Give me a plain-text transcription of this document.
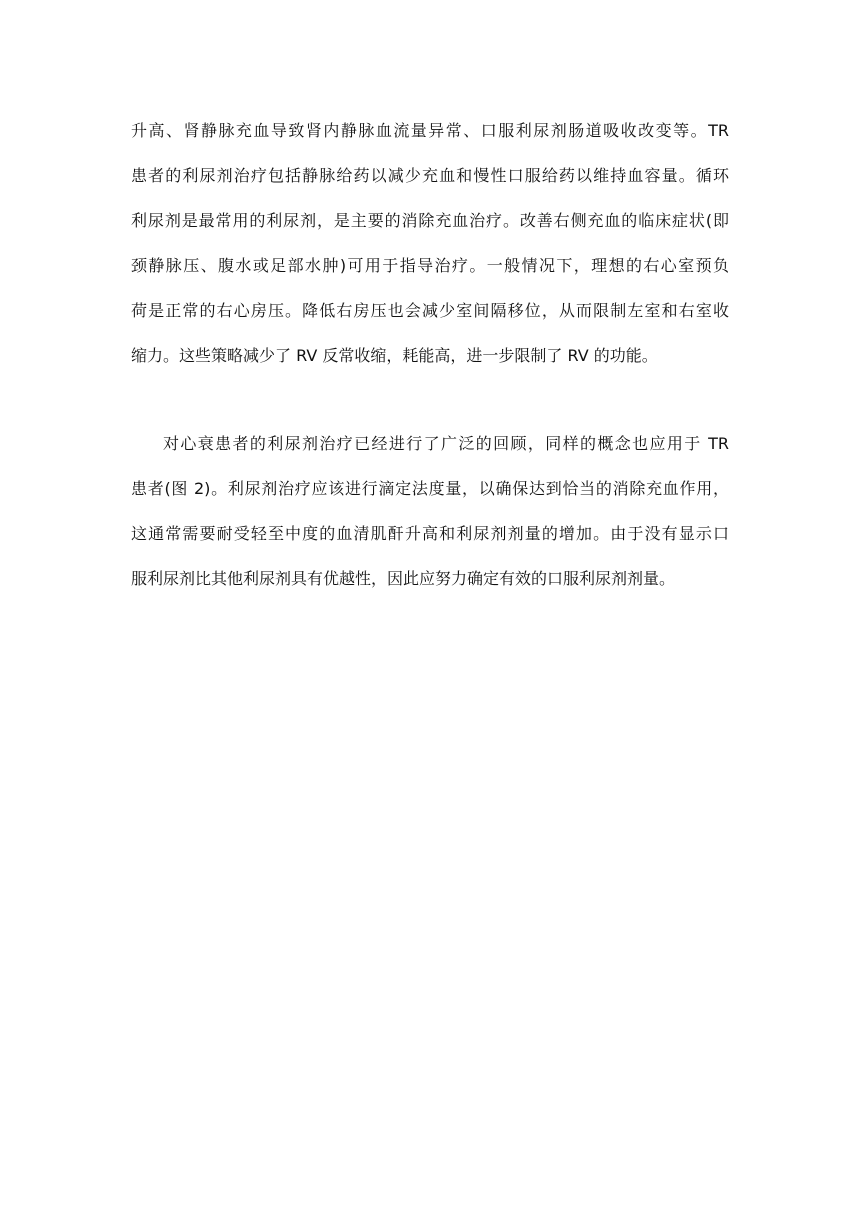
升高、肾静脉充血导致肾内静脉血流量异常、口服利尿剂肠道吸收改变等。TR
患者的利尿剂治疗包括静脉给药以减少充血和慢性口服给药以维持血容量。循环
利尿剂是最常用的利尿剂，是主要的消除充血治疗。改善右侧充血的临床症状(即
颈静脉压、腹水或足部水肿)可用于指导治疗。一般情况下，理想的右心室预负
荷是正常的右心房压。降低右房压也会减少室间隔移位，从而限制左室和右室收
缩力。这些策略减少了 RV 反常收缩，耗能高，进一步限制了 RV 的功能。
对心衰患者的利尿剂治疗已经进行了广泛的回顾，同样的概念也应用于 TR
患者(图 2)。利尿剂治疗应该进行滴定法度量，以确保达到恰当的消除充血作用，
这通常需要耐受轻至中度的血清肌酐升高和利尿剂剂量的增加。由于没有显示口
服利尿剂比其他利尿剂具有优越性，因此应努力确定有效的口服利尿剂剂量。
